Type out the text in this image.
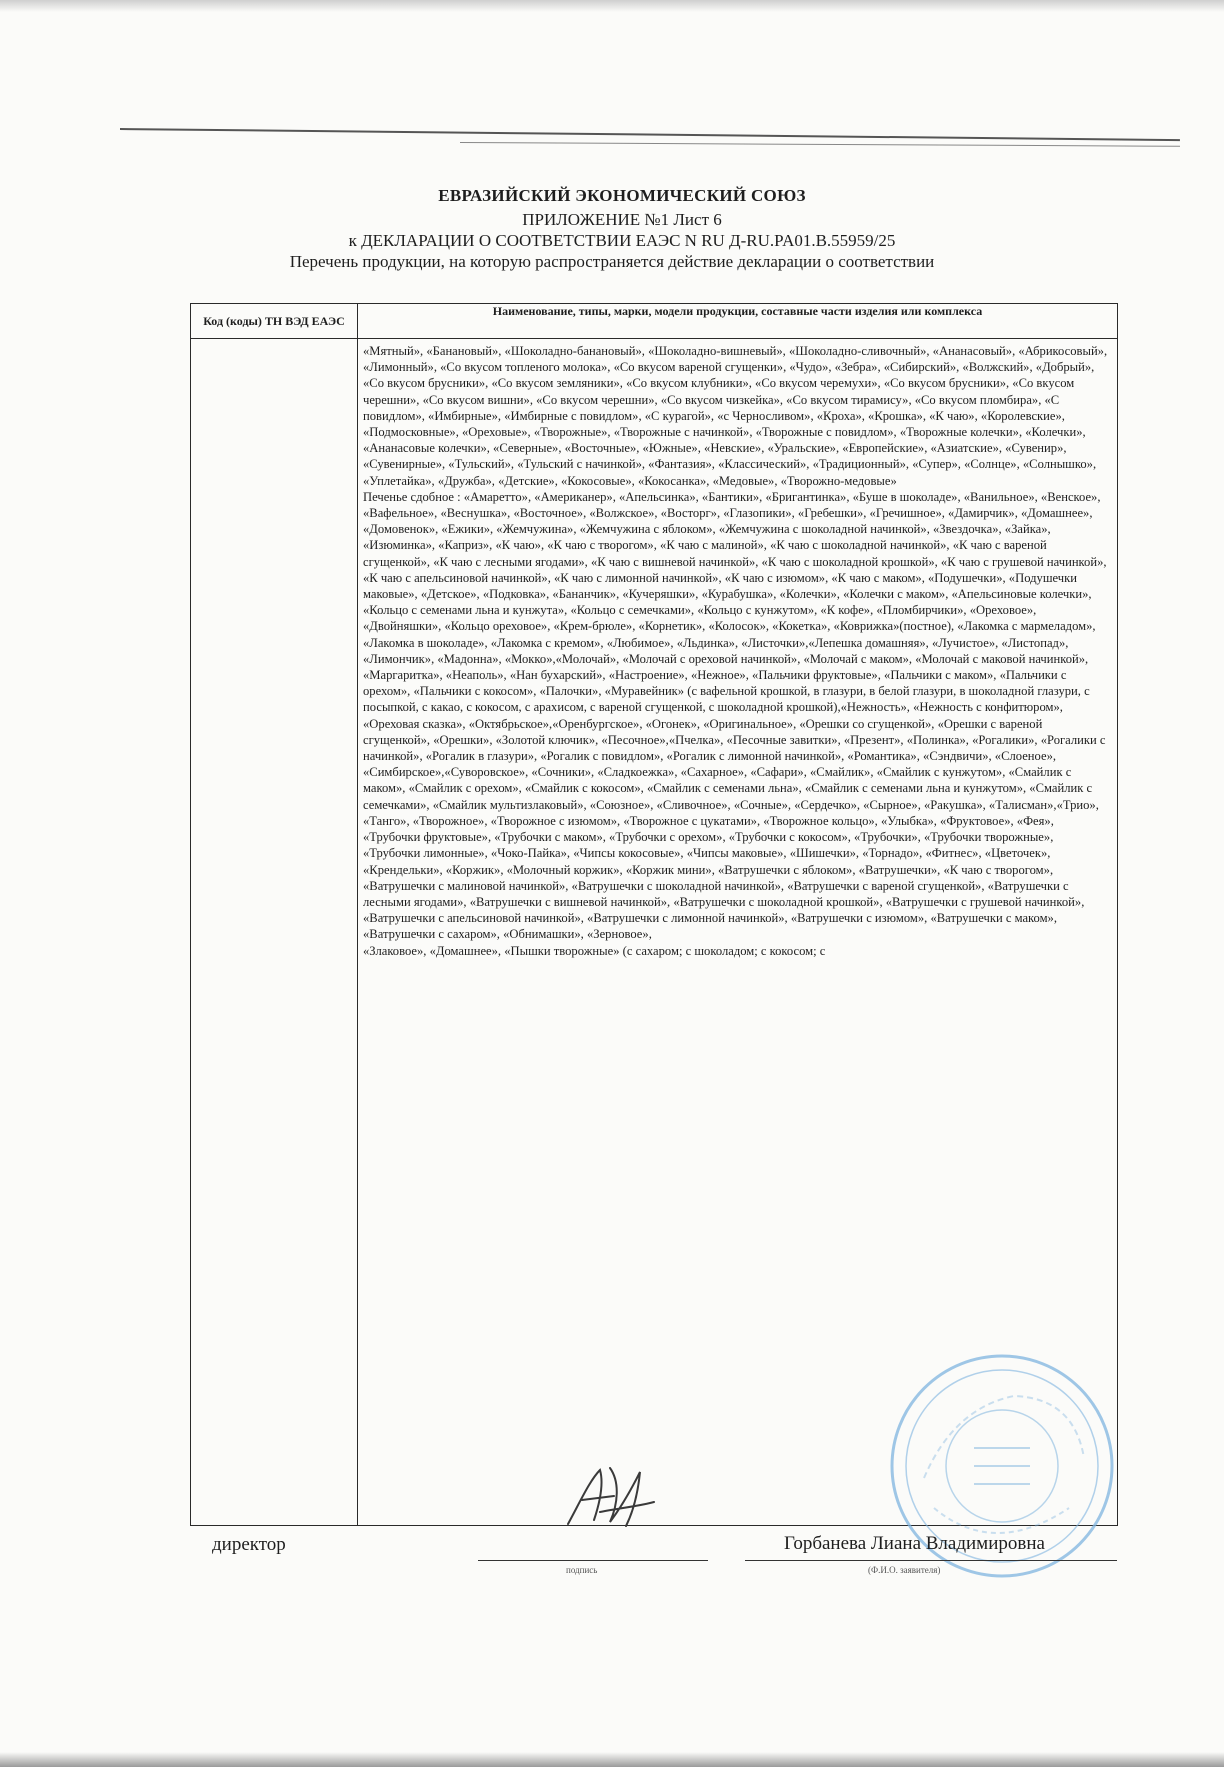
ЕВРАЗИЙСКИЙ ЭКОНОМИЧЕСКИЙ СОЮЗ
ПРИЛОЖЕНИЕ №1 Лист 6
к ДЕКЛАРАЦИИ О СООТВЕТСТВИИ ЕАЭС N RU Д-RU.PA01.B.55959/25
Перечень продукции, на которую распространяется действие декларации о соответствии
Код (коды) ТН ВЭД ЕАЭС	Наименование, типы, марки, модели продукции, составные части изделия или комплекса

	«Мятный», «Банановый», «Шоколадно-банановый», «Шоколадно-вишневый», «Шоколадно-сливочный», «Ананасовый», «Абрикосовый», «Лимонный», «Со вкусом топленого молока», «Со вкусом вареной сгущенки», «Чудо», «Зебра», «Сибирский», «Волжский», «Добрый», «Со вкусом брусники», «Со вкусом земляники», «Со вкусом клубники», «Со вкусом черемухи», «Со вкусом брусники», «Со вкусом черешни», «Со вкусом вишни», «Со вкусом черешни», «Со вкусом чизкейка», «Со вкусом тирамису», «Со вкусом пломбира», «С повидлом», «Имбирные», «Имбирные с повидлом», «С курагой», «с Черносливом», «Кроха», «Крошка», «К чаю», «Королевские», «Подмосковные», «Ореховые», «Творожные», «Творожные с начинкой», «Творожные с повидлом», «Творожные колечки», «Колечки», «Ананасовые колечки», «Северные», «Восточные», «Южные», «Невские», «Уральские», «Европейские», «Азиатские», «Сувенир», «Сувенирные», «Тульский», «Тульский с начинкой», «Фантазия», «Классический», «Традиционный», «Супер», «Солнце», «Солнышко», «Уплетайка», «Дружба», «Детские», «Кокосовые», «Кокосанка», «Медовые», «Творожно-медовые»
Печенье сдобное : «Амаретто», «Американер», «Апельсинка», «Бантики», «Бригантинка», «Буше в шоколаде», «Ванильное», «Венское», «Вафельное», «Веснушка», «Восточное», «Волжское», «Восторг», «Глазопики», «Гребешки», «Гречишное», «Дамирчик», «Домашнее», «Домовенок», «Ежики», «Жемчужина», «Жемчужина с яблоком», «Жемчужина с шоколадной начинкой», «Звездочка», «Зайка», «Изюминка», «Каприз», «К чаю», «К чаю с творогом», «К чаю с малиной», «К чаю с шоколадной начинкой», «К чаю с вареной сгущенкой», «К чаю с лесными ягодами», «К чаю с вишневой начинкой», «К чаю с шоколадной крошкой», «К чаю с грушевой начинкой», «К чаю с апельсиновой начинкой», «К чаю с лимонной начинкой», «К чаю с изюмом», «К чаю с маком», «Подушечки», «Подушечки маковые», «Детское», «Подковка», «Бананчик», «Кучеряшки», «Курабушка», «Колечки», «Колечки с маком», «Апельсиновые колечки», «Кольцо с семенами льна и кунжута», «Кольцо с семечками», «Кольцо с кунжутом», «К кофе», «Пломбирчики», «Ореховое», «Двойняшки», «Кольцо ореховое», «Крем-брюле», «Корнетик», «Колосок», «Кокетка», «Коврижка»(постное), «Лакомка с мармеладом», «Лакомка в шоколаде», «Лакомка с кремом», «Любимое», «Льдинка», «Листочки»,«Лепешка домашняя», «Лучистое», «Листопад», «Лимончик», «Мадонна», «Мокко»,«Молочай», «Молочай с ореховой начинкой», «Молочай с маком», «Молочай с маковой начинкой», «Маргаритка», «Неаполь», «Нан бухарский», «Настроение», «Нежное», «Пальчики фруктовые», «Пальчики с маком», «Пальчики с орехом», «Пальчики с кокосом», «Палочки», «Муравейник» (с вафельной крошкой, в глазури, в белой глазури, в шоколадной глазури, с посыпкой, с какао, с кокосом, с арахисом, с вареной сгущенкой, с шоколадной крошкой),«Нежность», «Нежность с конфитюром», «Ореховая сказка», «Октябрьское»,«Оренбургское», «Огонек», «Оригинальное», «Орешки со сгущенкой», «Орешки с вареной сгущенкой», «Орешки», «Золотой ключик», «Песочное»,«Пчелка», «Песочные завитки», «Презент», «Полинка», «Рогалики», «Рогалики с начинкой», «Рогалик в глазури», «Рогалик с повидлом», «Рогалик с лимонной начинкой», «Романтика», «Сэндвичи», «Слоеное», «Симбирское»,«Суворовское», «Сочники», «Сладкоежка», «Сахарное», «Сафари», «Смайлик», «Смайлик с кунжутом», «Смайлик с маком», «Смайлик с орехом», «Смайлик с кокосом», «Смайлик с семенами льна», «Смайлик с семенами льна и кунжутом», «Смайлик с семечками», «Смайлик мультизлаковый», «Союзное», «Сливочное», «Сочные», «Сердечко», «Сырное», «Ракушка», «Талисман»,«Трио», «Танго», «Творожное», «Творожное с изюмом», «Творожное с цукатами», «Творожное кольцо», «Улыбка», «Фруктовое», «Фея», «Трубочки фруктовые», «Трубочки с маком», «Трубочки с орехом», «Трубочки с кокосом», «Трубочки», «Трубочки творожные», «Трубочки лимонные», «Чоко-Пайка», «Чипсы кокосовые», «Чипсы маковые», «Шишечки», «Торнадо», «Фитнес», «Цветочек», «Крендельки», «Коржик», «Молочный коржик», «Коржик мини», «Ватрушечки с яблоком», «Ватрушечки», «К чаю с творогом», «Ватрушечки с малиновой начинкой», «Ватрушечки с шоколадной начинкой», «Ватрушечки с вареной сгущенкой», «Ватрушечки с лесными ягодами», «Ватрушечки с вишневой начинкой», «Ватрушечки с шоколадной крошкой», «Ватрушечки с грушевой начинкой», «Ватрушечки с апельсиновой начинкой», «Ватрушечки с лимонной начинкой», «Ватрушечки с изюмом», «Ватрушечки с маком», «Ватрушечки с сахаром», «Обнимашки», «Зерновое»,
«Злаковое», «Домашнее», «Пышки творожные» (с сахаром; с шоколадом; с кокосом; с
директор
подпись
Горбанева Лиана Владимировна
(Ф.И.О. заявителя)
